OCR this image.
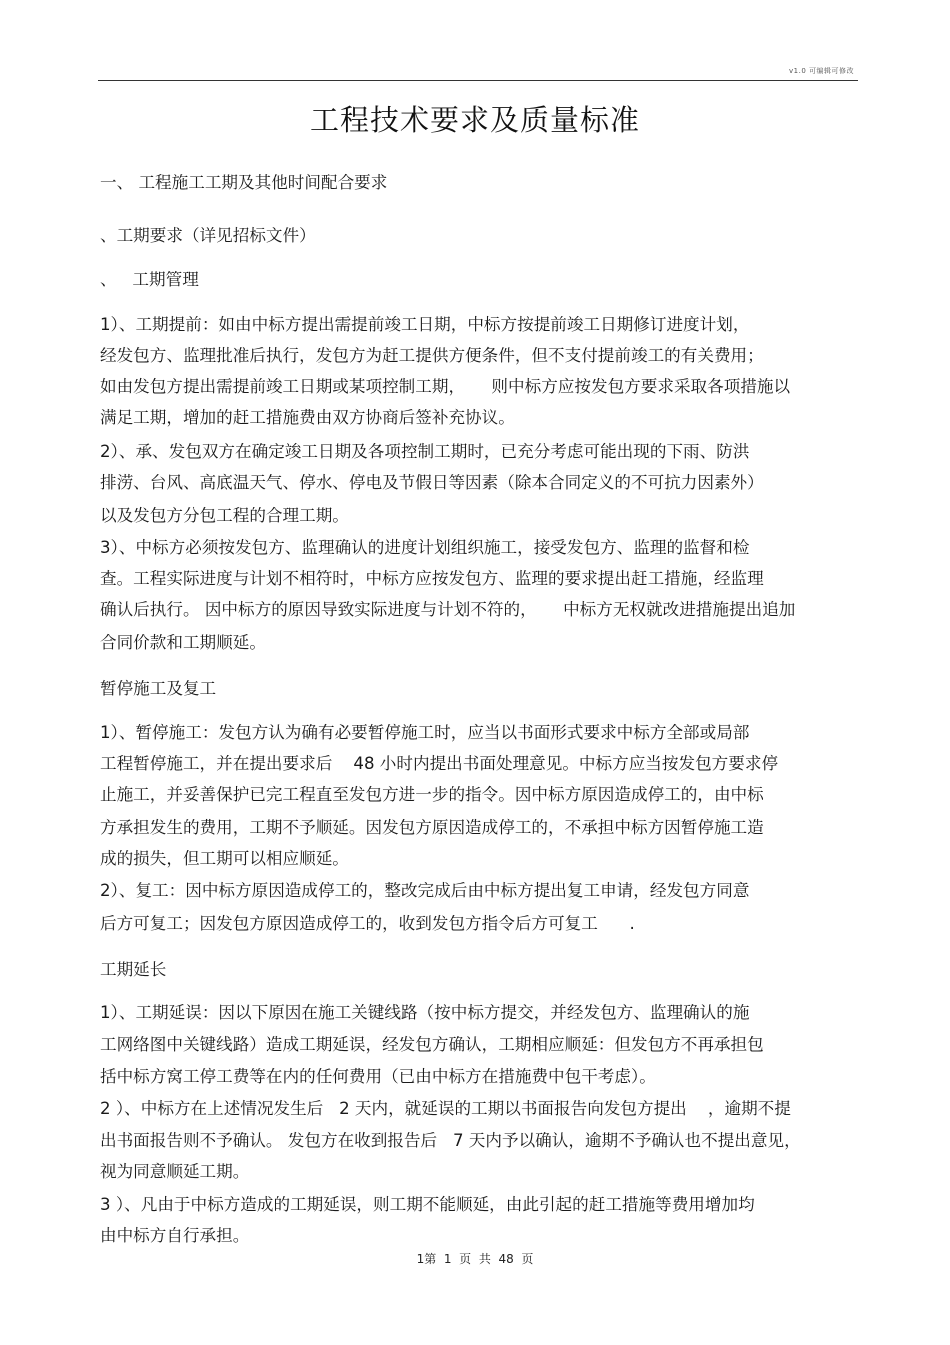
v1.0 可编辑可修改
工程技术要求及质量标准
一、 工程施工工期及其他时间配合要求
、工期要求（详见招标文件）
、   工期管理
1）、工期提前：如由中标方提出需提前竣工日期，中标方按提前竣工日期修订进度计划，
经发包方、监理批准后执行，发包方为赶工提供方便条件，但不支付提前竣工的有关费用；
如由发包方提出需提前竣工日期或某项控制工期，     则中标方应按发包方要求采取各项措施以
满足工期，增加的赶工措施费由双方协商后签补充协议。
2）、承、发包双方在确定竣工日期及各项控制工期时，已充分考虑可能出现的下雨、防洪
排涝、台风、高底温天气、停水、停电及节假日等因素（除本合同定义的不可抗力因素外）
以及发包方分包工程的合理工期。
3）、中标方必须按发包方、监理确认的进度计划组织施工，接受发包方、监理的监督和检
查。工程实际进度与计划不相符时，中标方应按发包方、监理的要求提出赶工措施，经监理
确认后执行。 因中标方的原因导致实际进度与计划不符的，     中标方无权就改进措施提出追加
合同价款和工期顺延。
暂停施工及复工
1）、暂停施工：发包方认为确有必要暂停施工时，应当以书面形式要求中标方全部或局部
工程暂停施工，并在提出要求后    48 小时内提出书面处理意见。中标方应当按发包方要求停
止施工，并妥善保护已完工程直至发包方进一步的指令。因中标方原因造成停工的，由中标
方承担发生的费用，工期不予顺延。因发包方原因造成停工的，不承担中标方因暂停施工造
成的损失，但工期可以相应顺延。
2）、复工：因中标方原因造成停工的，整改完成后由中标方提出复工申请，经发包方同意
后方可复工；因发包方原因造成停工的，收到发包方指令后方可复工      .
工期延长
1）、工期延误：因以下原因在施工关键线路（按中标方提交，并经发包方、监理确认的施
工网络图中关键线路）造成工期延误，经发包方确认，工期相应顺延：但发包方不再承担包
括中标方窝工停工费等在内的任何费用（已由中标方在措施费中包干考虑）。
2 ）、中标方在上述情况发生后   2 天内，就延误的工期以书面报告向发包方提出    ，逾期不提
出书面报告则不予确认。 发包方在收到报告后   7 天内予以确认，逾期不予确认也不提出意见，
视为同意顺延工期。
3 ）、凡由于中标方造成的工期延误，则工期不能顺延，由此引起的赶工措施等费用增加均
由中标方自行承担。
1第  1  页  共  48  页
